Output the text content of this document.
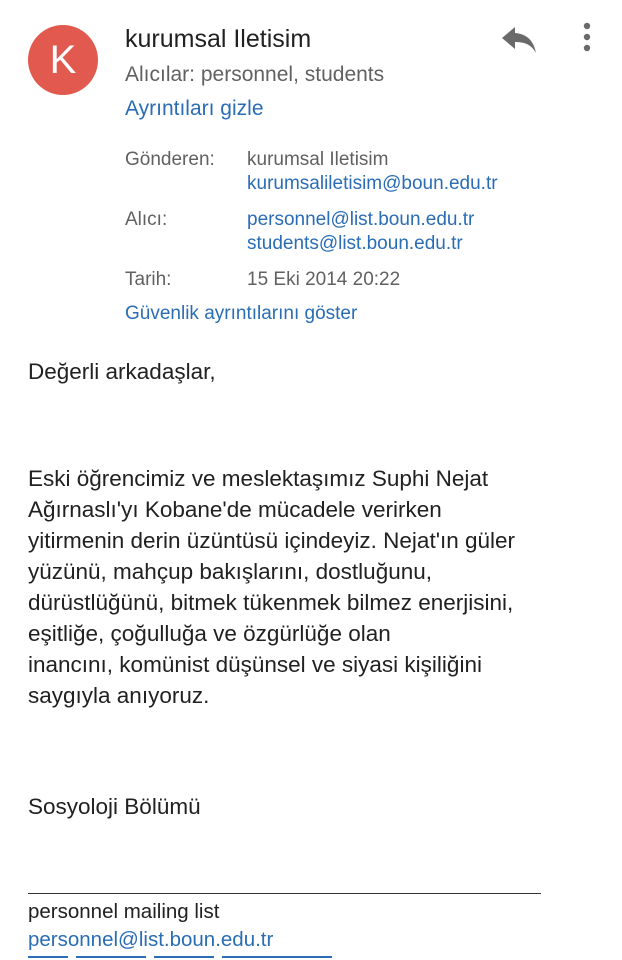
K	kurumsal Iletisim
Alıcılar: personnel, students
Ayrıntıları gizle
Gönderen:	kurumsal Iletisim
kurumsaliletisim@boun.edu.tr
Alıcı:	personnel@list.boun.edu.tr
students@list.boun.edu.tr
Tarih:	15 Eki 2014 20:22
Güvenlik ayrıntılarını göster
Değerli arkadaşlar,
Eski öğrencimiz ve meslektaşımız Suphi Nejat
Ağırnaslı'yı Kobane'de mücadele verirken
yitirmenin derin üzüntüsü içindeyiz. Nejat'ın güler
yüzünü, mahçup bakışlarını, dostluğunu,
dürüstlüğünü, bitmek tükenmek bilmez enerjisini,
eşitliğe, çoğulluğa ve özgürlüğe olan
inancını, komünist düşünsel ve siyasi kişiliğini
saygıyla anıyoruz.
Sosyoloji Bölümü
personnel mailing list
personnel@list.boun.edu.tr
